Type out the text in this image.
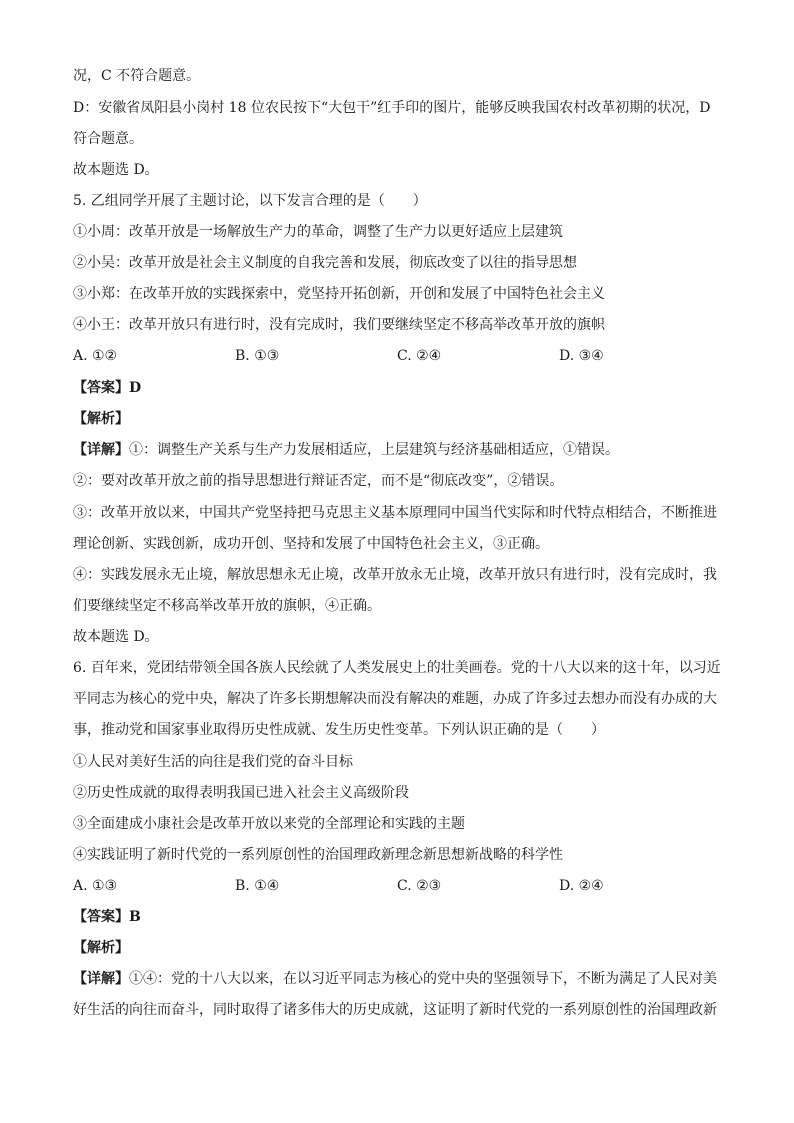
况，C 不符合题意。
D：安徽省凤阳县小岗村 18 位农民按下“大包干”红手印的图片，能够反映我国农村改革初期的状况，D
符合题意。
故本题选 D。
5. 乙组同学开展了主题讨论，以下发言合理的是（　　）
①小周：改革开放是一场解放生产力的革命，调整了生产力以更好适应上层建筑
②小吴：改革开放是社会主义制度的自我完善和发展，彻底改变了以往的指导思想
③小郑：在改革开放的实践探索中，党坚持开拓创新，开创和发展了中国特色社会主义
④小王：改革开放只有进行时，没有完成时，我们要继续坚定不移高举改革开放的旗帜
A. ①②	B. ①③	C. ②④	D. ③④
【答案】D
【解析】
【详解】①：调整生产关系与生产力发展相适应，上层建筑与经济基础相适应，①错误。
②：要对改革开放之前的指导思想进行辩证否定，而不是“彻底改变”，②错误。
③：改革开放以来，中国共产党坚持把马克思主义基本原理同中国当代实际和时代特点相结合，不断推进
理论创新、实践创新，成功开创、坚持和发展了中国特色社会主义，③正确。
④：实践发展永无止境，解放思想永无止境，改革开放永无止境，改革开放只有进行时，没有完成时，我
们要继续坚定不移高举改革开放的旗帜，④正确。
故本题选 D。
6. 百年来，党团结带领全国各族人民绘就了人类发展史上的壮美画卷。党的十八大以来的这十年，以习近
平同志为核心的党中央，解决了许多长期想解决而没有解决的难题，办成了许多过去想办而没有办成的大
事，推动党和国家事业取得历史性成就、发生历史性变革。下列认识正确的是（　　）
①人民对美好生活的向往是我们党的奋斗目标
②历史性成就的取得表明我国已进入社会主义高级阶段
③全面建成小康社会是改革开放以来党的全部理论和实践的主题
④实践证明了新时代党的一系列原创性的治国理政新理念新思想新战略的科学性
A. ①③	B. ①④	C. ②③	D. ②④
【答案】B
【解析】
【详解】①④：党的十八大以来，在以习近平同志为核心的党中央的坚强领导下，不断为满足了人民对美
好生活的向往而奋斗，同时取得了诸多伟大的历史成就，这证明了新时代党的一系列原创性的治国理政新
